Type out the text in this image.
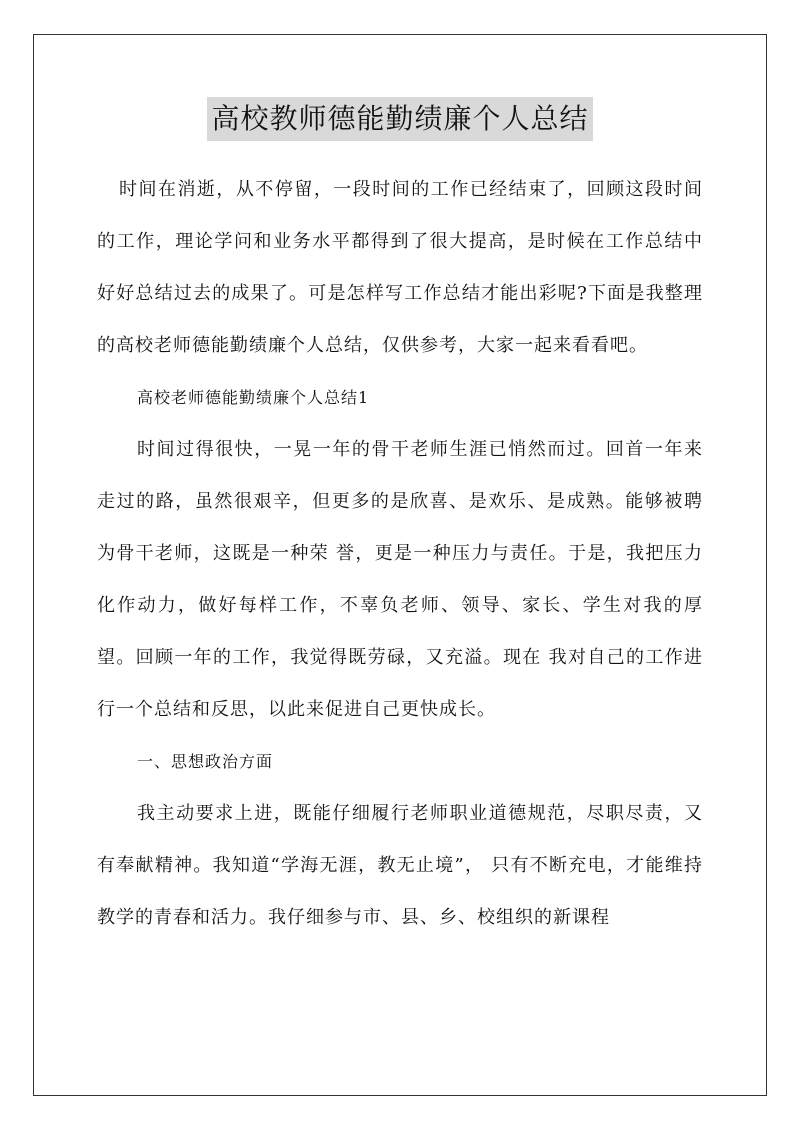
高校教师德能勤绩廉个人总结

时间在消逝，从不停留，一段时间的工作已经结束了，回顾这段时间的工作，理论学问和业务水平都得到了很大提高，是时候在工作总结中好好总结过去的成果了。可是怎样写工作总结才能出彩呢?下面是我整理的高校老师德能勤绩廉个人总结，仅供参考，大家一起来看看吧。

高校老师德能勤绩廉个人总结1

时间过得很快，一晃一年的骨干老师生涯已悄然而过。回首一年来走过的路，虽然很艰辛，但更多的是欣喜、是欢乐、是成熟。能够被聘为骨干老师，这既是一种荣 誉，更是一种压力与责任。于是，我把压力化作动力，做好每样工作，不辜负老师、领导、家长、学生对我的厚望。回顾一年的工作，我觉得既劳碌，又充溢。现在 我对自己的工作进行一个总结和反思，以此来促进自己更快成长。

一、思想政治方面

我主动要求上进，既能仔细履行老师职业道德规范，尽职尽责，又有奉献精神。我知道“学海无涯，教无止境”， 只有不断充电，才能维持教学的青春和活力。我仔细参与市、县、乡、校组织的新课程
